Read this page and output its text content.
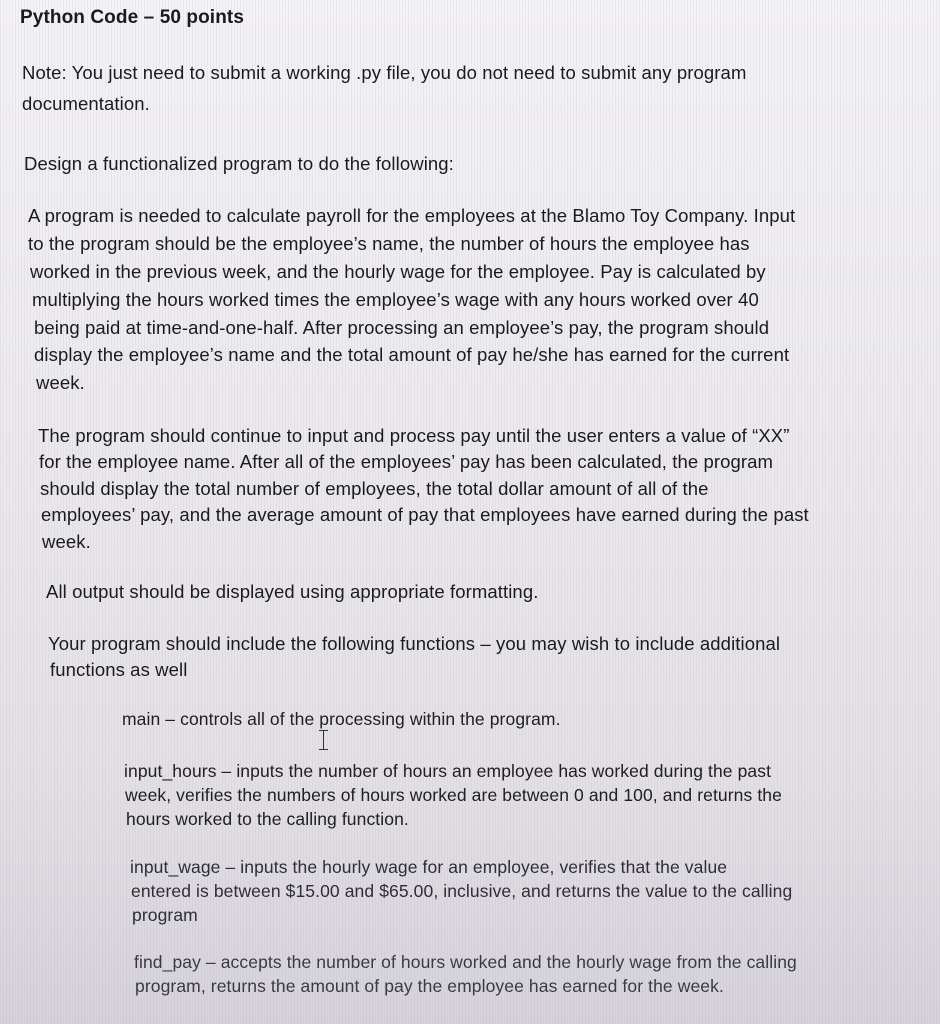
Python Code – 50 points
Note: You just need to submit a working .py file, you do not need to submit any program
documentation.
Design a functionalized program to do the following:
A program is needed to calculate payroll for the employees at the Blamo Toy Company. Input
to the program should be the employee’s name, the number of hours the employee has
worked in the previous week, and the hourly wage for the employee. Pay is calculated by
multiplying the hours worked times the employee’s wage with any hours worked over 40
being paid at time-and-one-half. After processing an employee’s pay, the program should
display the employee’s name and the total amount of pay he/she has earned for the current
week.
The program should continue to input and process pay until the user enters a value of “XX”
for the employee name. After all of the employees’ pay has been calculated, the program
should display the total number of employees, the total dollar amount of all of the
employees’ pay, and the average amount of pay that employees have earned during the past
week.
All output should be displayed using appropriate formatting.
Your program should include the following functions – you may wish to include additional
functions as well
main – controls all of the processing within the program.
input_hours – inputs the number of hours an employee has worked during the past
week, verifies the numbers of hours worked are between 0 and 100, and returns the
hours worked to the calling function.
input_wage – inputs the hourly wage for an employee, verifies that the value
entered is between $15.00 and $65.00, inclusive, and returns the value to the calling
program
find_pay – accepts the number of hours worked and the hourly wage from the calling
program, returns the amount of pay the employee has earned for the week.
